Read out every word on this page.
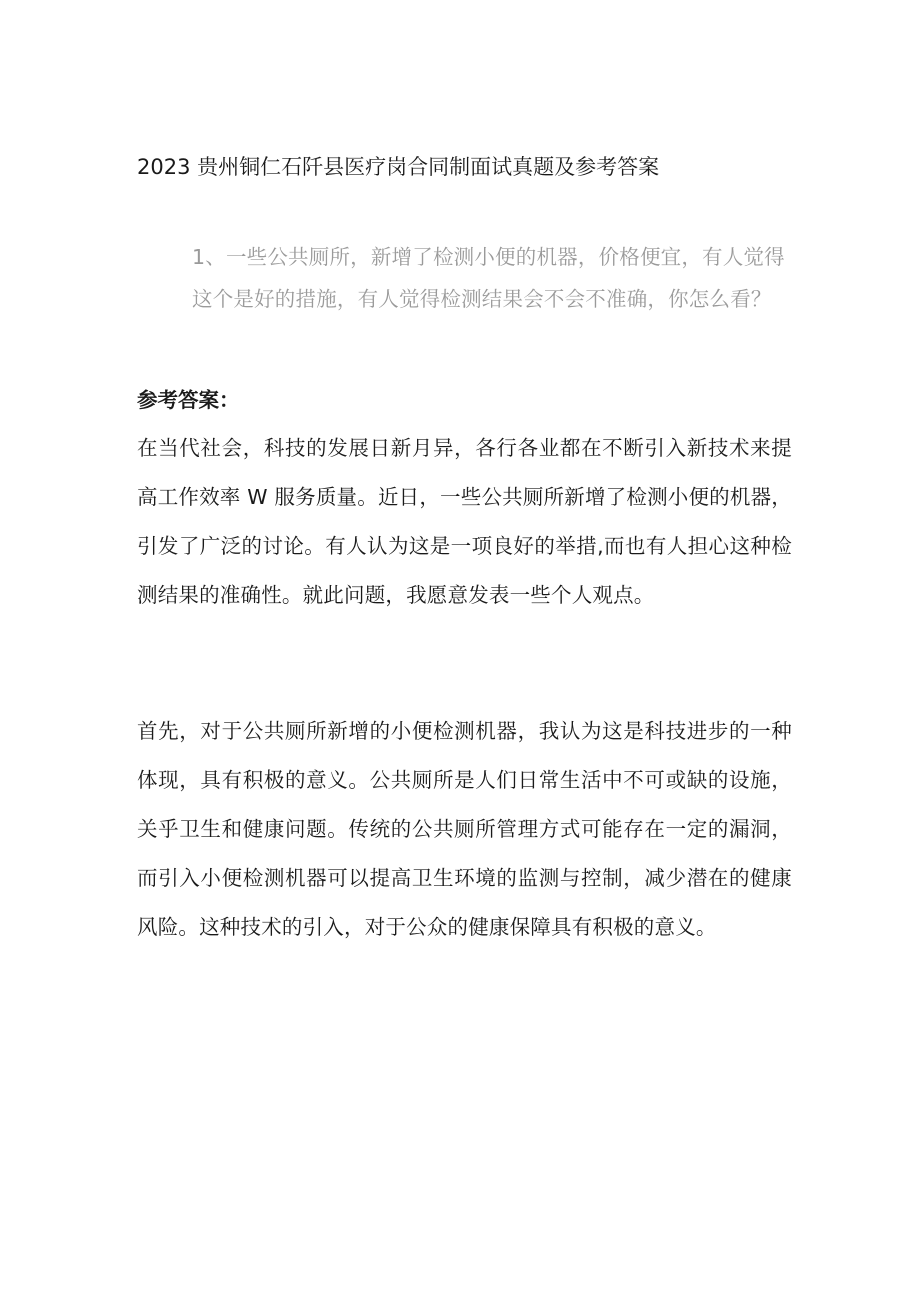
2023 贵州铜仁石阡县医疗岗合同制面试真题及参考答案
1、一些公共厕所，新增了检测小便的机器，价格便宜，有人觉得这个是好的措施，有人觉得检测结果会不会不准确，你怎么看？
参考答案：
在当代社会，科技的发展日新月异，各行各业都在不断引入新技术来提高工作效率 W 服务质量。近日，一些公共厕所新增了检测小便的机器，引发了广泛的讨论。有人认为这是一项良好的举措,而也有人担心这种检测结果的准确性。就此问题，我愿意发表一些个人观点。
首先，对于公共厕所新增的小便检测机器，我认为这是科技进步的一种体现，具有积极的意义。公共厕所是人们日常生活中不可或缺的设施，关乎卫生和健康问题。传统的公共厕所管理方式可能存在一定的漏洞，而引入小便检测机器可以提高卫生环境的监测与控制，减少潜在的健康风险。这种技术的引入，对于公众的健康保障具有积极的意义。
